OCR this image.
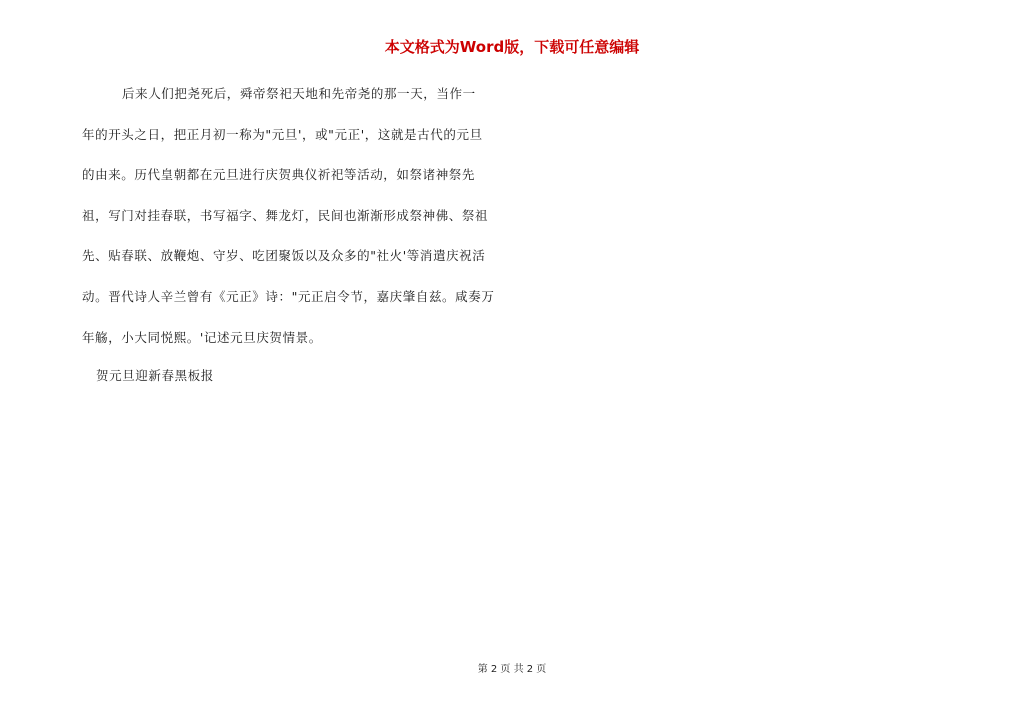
本文格式为Word版，下载可任意编辑
后来人们把尧死后，舜帝祭祀天地和先帝尧的那一天，当作一
年的开头之日，把正月初一称为"元旦'，或"元正'，这就是古代的元旦
的由来。历代皇朝都在元旦进行庆贺典仪祈祀等活动，如祭诸神祭先
祖，写门对挂春联，书写福字、舞龙灯，民间也渐渐形成祭神佛、祭祖
先、贴春联、放鞭炮、守岁、吃团聚饭以及众多的"社火'等消遣庆祝活
动。晋代诗人辛兰曾有《元正》诗："元正启令节，嘉庆肇自兹。咸奏万
年觞，小大同悦熙。'记述元旦庆贺情景。
贺元旦迎新春黑板报
第 2 页 共 2 页
